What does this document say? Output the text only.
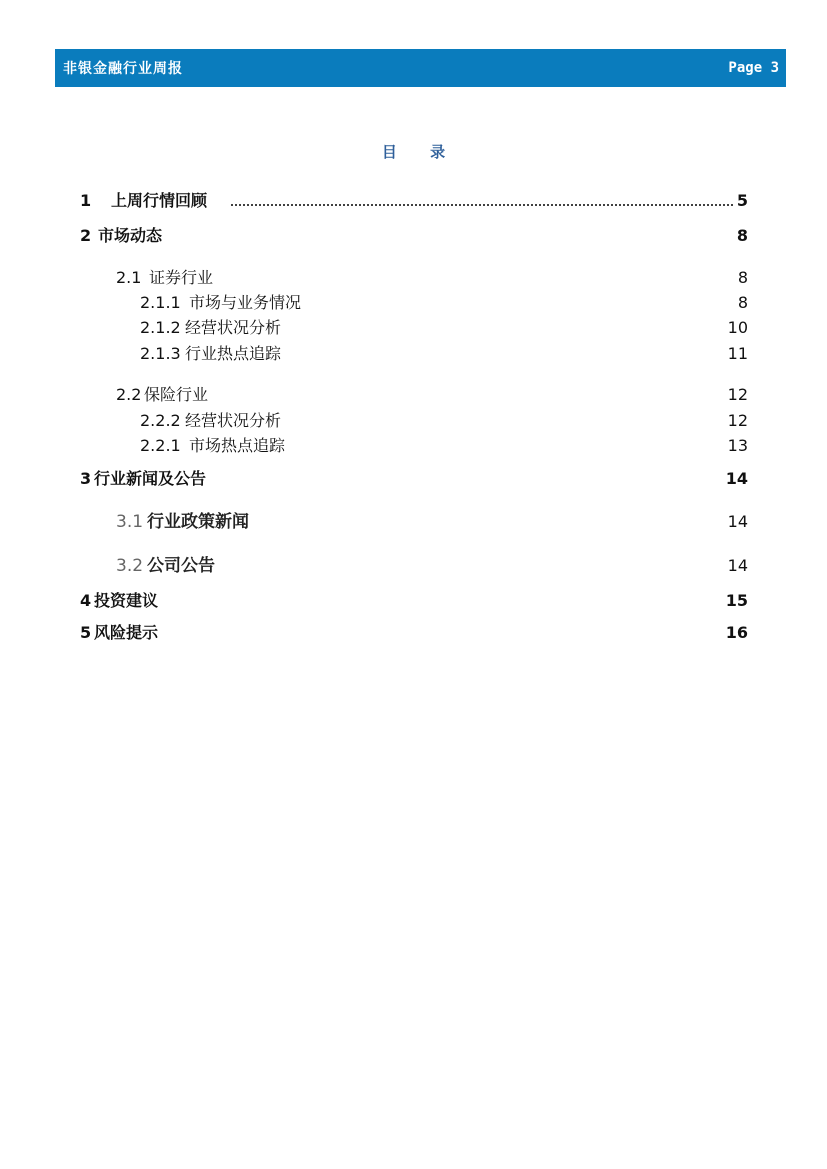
非银金融行业周报	Page 3
目 录
1 上周行情回顾	5
2 市场动态	8
2.1 证券行业	8
2.1.1 市场与业务情况	8
2.1.2 经营状况分析	10
2.1.3 行业热点追踪	11
2.2 保险行业	12
2.2.2 经营状况分析	12
2.2.1 市场热点追踪	13
3 行业新闻及公告	14
3.1 行业政策新闻	14
3.2 公司公告	14
4 投资建议	15
5 风险提示	16
